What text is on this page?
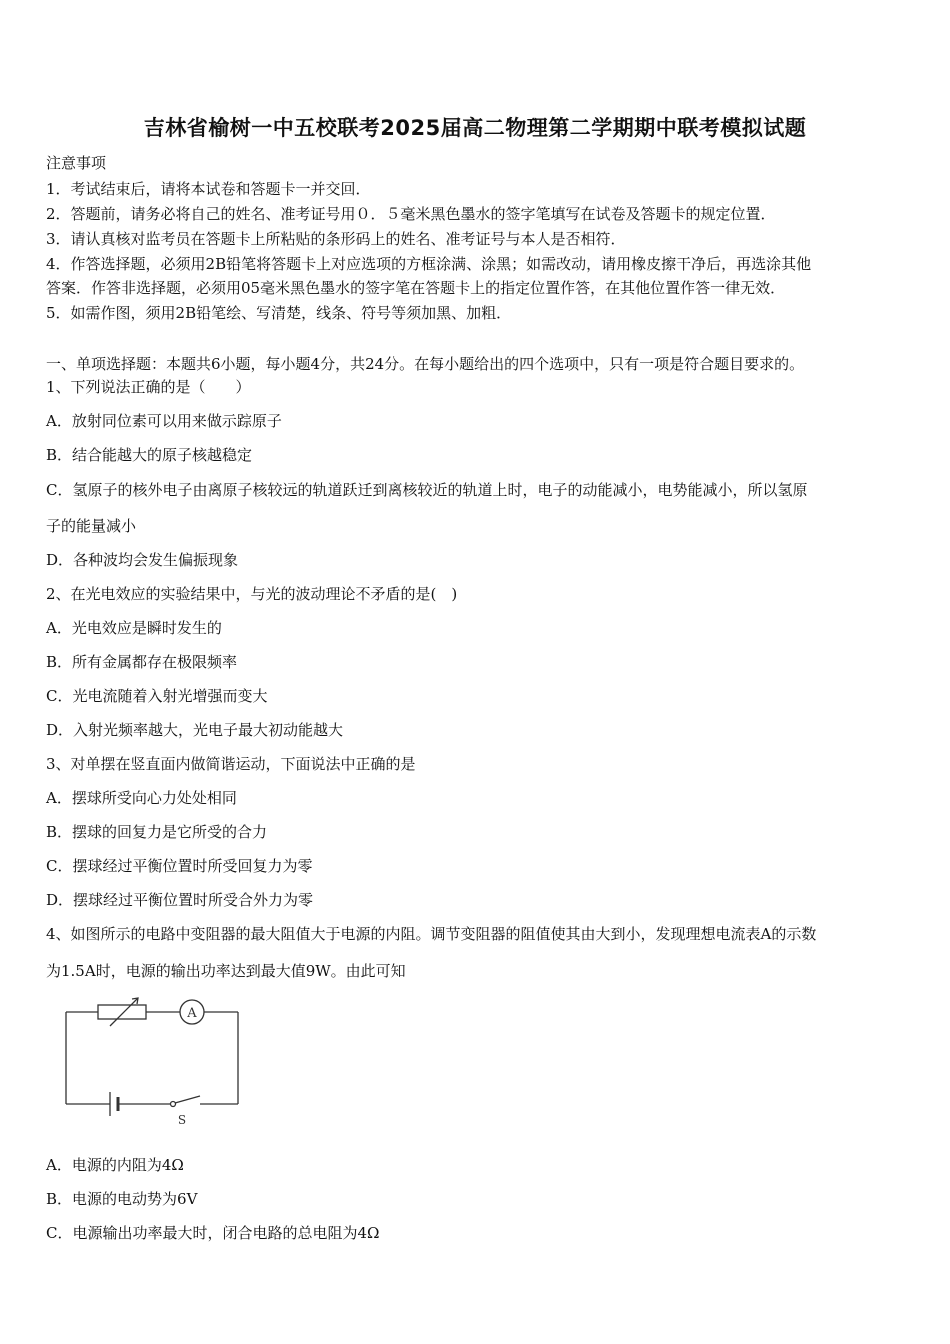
吉林省榆树一中五校联考2025届高二物理第二学期期中联考模拟试题
注意事项
1．考试结束后，请将本试卷和答题卡一并交回．
2．答题前，请务必将自己的姓名、准考证号用０．５毫米黑色墨水的签字笔填写在试卷及答题卡的规定位置．
3．请认真核对监考员在答题卡上所粘贴的条形码上的姓名、准考证号与本人是否相符．
4．作答选择题，必须用2B铅笔将答题卡上对应选项的方框涂满、涂黑；如需改动，请用橡皮擦干净后，再选涂其他
答案．作答非选择题，必须用05毫米黑色墨水的签字笔在答题卡上的指定位置作答，在其他位置作答一律无效．
5．如需作图，须用2B铅笔绘、写清楚，线条、符号等须加黑、加粗．
一、单项选择题：本题共6小题，每小题4分，共24分。在每小题给出的四个选项中，只有一项是符合题目要求的。
1、下列说法正确的是（　　）
A．放射同位素可以用来做示踪原子
B．结合能越大的原子核越稳定
C．氢原子的核外电子由离原子核较远的轨道跃迁到离核较近的轨道上时，电子的动能减小，电势能减小，所以氢原
子的能量减小
D．各种波均会发生偏振现象
2、在光电效应的实验结果中，与光的波动理论不矛盾的是(　)
A．光电效应是瞬时发生的
B．所有金属都存在极限频率
C．光电流随着入射光增强而变大
D．入射光频率越大，光电子最大初动能越大
3、对单摆在竖直面内做简谐运动，下面说法中正确的是
A．摆球所受向心力处处相同
B．摆球的回复力是它所受的合力
C．摆球经过平衡位置时所受回复力为零
D．摆球经过平衡位置时所受合外力为零
4、如图所示的电路中变阻器的最大阻值大于电源的内阻。调节变阻器的阻值使其由大到小，发现理想电流表A的示数
为1.5A时，电源的输出功率达到最大值9W。由此可知
A
S
A．电源的内阻为4Ω
B．电源的电动势为6V
C．电源输出功率最大时，闭合电路的总电阻为4Ω
